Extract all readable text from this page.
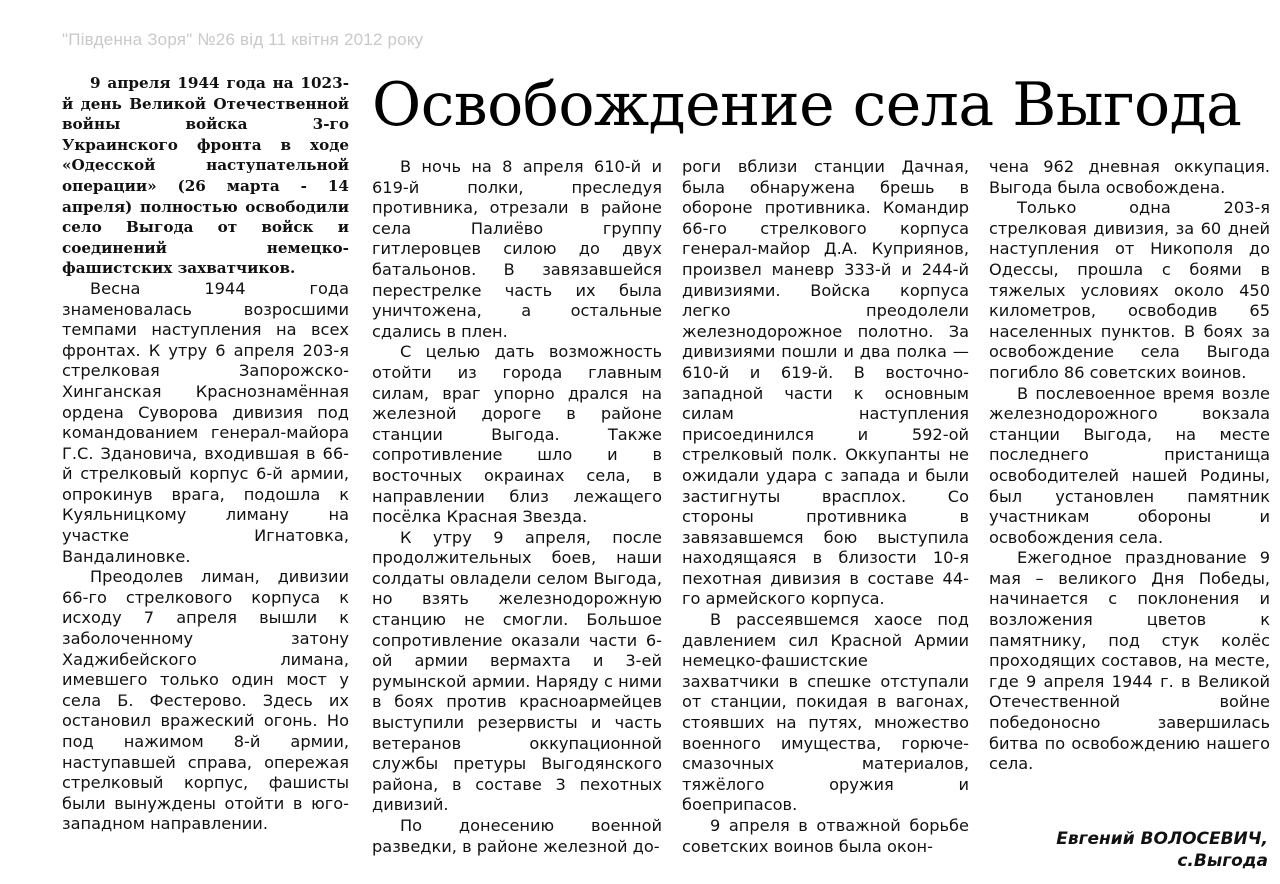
"Південна Зоря" №26 від 11 квітня 2012 року
Освобождение села Выгода

9 апреля 1944 года на 1023-й день Великой Отечественной войны войска 3-го Украинского фронта в ходе «Одесской наступательной операции» (26 марта - 14 апреля) полностью освободили село Выгода от войск и соединений немецко-фашистских захватчиков.

Весна 1944 года знаменовалась возросшими темпами наступления на всех фронтах. К утру 6 апреля 203-я стрелковая Запорожско-Хинганская Краснознамённая ордена Суворова дивизия под командованием генерал-майора Г.С. Здановича, входившая в 66-й стрелковый корпус 6-й армии, опрокинув врага, подошла к Куяльницкому лиману на участке Игнатовка, Вандалиновке.

Преодолев лиман, дивизии 66-го стрелкового корпуса к исходу 7 апреля вышли к заболоченному затону Хаджибейского лимана, имевшего только один мост у села Б. Фестерово. Здесь их остановил вражеский огонь. Но под нажимом 8-й армии, наступавшей справа, опережая стрелковый корпус, фашисты были вынуждены отойти в юго-западном направлении.

В ночь на 8 апреля 610-й и 619-й полки, преследуя противника, отрезали в районе села Палиёво группу гитлеровцев силою до двух батальонов. В завязавшейся перестрелке часть их была уничтожена, а остальные сдались в плен.

С целью дать возможность отойти из города главным силам, враг упорно дрался на железной дороге в районе станции Выгода. Также сопротивление шло и в восточных окраинах села, в направлении близ лежащего посёлка Красная Звезда.

К утру 9 апреля, после продолжительных боев, наши солдаты овладели селом Выгода, но взять железнодорожную станцию не смогли. Большое сопротивление оказали части 6-ой армии вермахта и 3-ей румынской армии. Наряду с ними в боях против красноармейцев выступили резервисты и часть ветеранов оккупационной службы претуры Выгодянского района, в составе 3 пехотных дивизий.

По донесению военной разведки, в районе железной до-

роги вблизи станции Дачная, была обнаружена брешь в обороне противника. Командир 66-го стрелкового корпуса генерал-майор Д.А. Куприянов, произвел маневр 333-й и 244-й дивизиями. Войска корпуса легко преодолели железнодорожное полотно. За дивизиями пошли и два полка — 610-й и 619-й. В восточно-западной части к основным силам наступления присоединился и 592-ой стрелковый полк. Оккупанты не ожидали удара с запада и были застигнуты врасплох. Со стороны противника в завязавшемся бою выступила находящаяся в близости 10-я пехотная дивизия в составе 44-го армейского корпуса.

В рассеявшемся хаосе под давлением сил Красной Армии немецко-фашистские захватчики в спешке отступали от станции, покидая в вагонах, стоявших на путях, множество военного имущества, горюче-смазочных материалов, тяжёлого оружия и боеприпасов.

9 апреля в отважной борьбе советских воинов была окон-

чена 962 дневная оккупация. Выгода была освобождена.

Только одна 203-я стрелковая дивизия, за 60 дней наступления от Никополя до Одессы, прошла с боями в тяжелых условиях около 450 километров, освободив 65 населенных пунктов. В боях за освобождение села Выгода погибло 86 советских воинов.

В послевоенное время возле железнодорожного вокзала станции Выгода, на месте последнего пристанища освободителей нашей Родины, был установлен памятник участникам обороны и освобождения села.

Ежегодное празднование 9 мая – великого Дня Победы, начинается с поклонения и возложения цветов к памятнику, под стук колёс проходящих составов, на месте, где 9 апреля 1944 г. в Великой Отечественной войне победоносно завершилась битва по освобождению нашего села.

Евгений ВОЛОСЕВИЧ,
с.Выгода
